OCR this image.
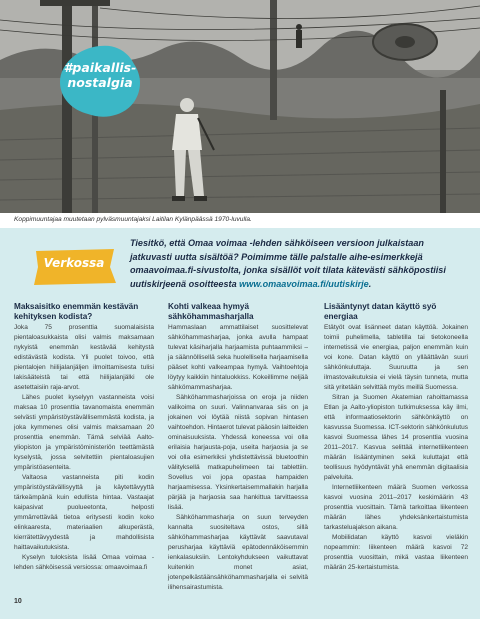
#paikallis-
nostalgia
Koppimuuntajaa muutetaan pylväsmuuntajaksi Laitilan Kylänpäässä 1970-luvulla.
Verkossa
Tiesitkö, että Omaa voimaa -lehden sähköiseen versioon julkaistaan jatkuvasti uutta sisältöä? Poimimme tälle palstalle aihe-esimerkkejä omaavoimaa.fi-sivustolta, jonka sisällöt voit tilata kätevästi sähköpostiisi uutiskirjeenä osoitteesta www.omaavoimaa.fi/uutiskirje.
Maksaisitko enemmän kestävän kehityksen kodista?

Joka 75 prosenttia suomalaisista pientaloasukkaista olisi valmis maksamaan nykyistä enemmän kestävää kehitystä edistävästä kodista. Yli puolet toivoo, että pientalojen hiilijalanjäljen ilmoittamisesta tulisi lakisääteistä tai että hiilijalanjälki ole asetettaisiin raja-arvot.

Lähes puolet kyselyyn vastanneista voisi maksaa 10 prosenttia tavanomaista enemmän selvästi ympäristöystävällisemmästä kodista, ja joka kymmenes olisi valmis maksamaan 20 prosenttia enemmän. Tämä selviää Aalto-yliopiston ja ympäristöministeriön teettämästä kyselystä, jossa selvitettiin pientaloasujien ympäristöasenteita.

Valtaosa vastanneista piti kodin ympäristöystävällisyyttä ja käytettävyyttä tärkeämpänä kuin edullista hintaa. Vastaajat kaipasivat puolueetonta, helposti ymmärrettävää tietoa eritysesti kodin koko elinkaaresta, materiaalien alkuperästä, kierrätettävyydestä ja mahdollisista haittavaikutuksista.

Kyselyn tuloksista lisää Omaa voimaa -lehden sähköisessä versiossa: omaavoimaa.fi

Kohti valkeaa hymyä sähköhammasharjalla

Hammaslaan ammattilaiset suosittelevat sähköhammasharjaa, jonka avulla hampaat tulevat käsiharjalla harjaamista puhtaammiksi – ja säännöllisellä seka huolellisella harjaamisella pääset kohti valkeampaa hymyä. Vaihtoehtoja löytyy kaikkiin hintaluokkiss. Kokeillimme neljää sähkömammasharjaa.

Sähköhammasharjoissa on eroja ja niiden valikoima on suuri. Valinnanvaraa siis on ja jokainen voi löytää niistä sopivan hintasen vaihtoehdon. Hintaerot tulevat pääosin laitteiden ominaisuuksista. Yhdessä koneessa voi olla erilaisia harjausta-poja, useita harjaosia ja se voi olla esimerkiksi yhdistettävissä bluetoothin välityksellä matkapuhelimeen tai tablettiin. Sovellus voi jopa opastaa hampaiden harjaamisessa. Yksinkertaisemmallakin harjalla pärjää ja harjaosia saa hankittua tarvittaessa lisää.

Sähköhammasharja on suun terveyden kannalta suositeltava ostos, sillä sähköhammasharjaa käyttävät saavutaval perusharjaa käyttäviä epätodennäköisemmin ienkalasuksiin. Lentokyhdukseen vaikuttavat kuitenkin monet asiat, jotenpelkästäänsähköhammasharjalla ei selvitä ilihensairastumista.

Lisääntynyt datan käyttö syö energiaa

Etätyöt ovat lisänneet datan käyttöä. Jokainen toimii puhelimella, tabletilla tai tietokoneella internetissä vie energiaa, paljon enemmän kuin voi kone. Datan käyttö on ylläättävän suuri sähkönkuluttaja. Suuruutta ja sen ilmastovaikutuksia ei vielä täysin tunneta, mutta sitä yritetään selvittää myös meillä Suomessa.

Sitran ja Suomen Akatemian rahoittamassa Etlan ja Aalto-yliopiston tutkimuksessa käy ilmi, että informaatiosektorin sähkönkäyttö on kasvussa Suomessa. ICT-sektorin sähkönkulutus kasvoi Suomessa lähes 14 prosenttia vuosina 2011–2017. Kasvua selittää internetliikenteen määrän lisääntyminen sekä kuluttajat että teollisuus hyödyntävät yhä enemmän digitaalisia palveluita.

Internetliikenteen määrä Suomen verkossa kasvoi vuosina 2011–2017 keskimäärin 43 prosenttia vuosittain. Tämä tarkoittaa liikenteen määrän lähes yhdeksänkertaistumista tarkasteluajakson aikana.

Mobiilidatan käyttö kasvoi vieläkin nopeammin: liikenteen määrä kasvoi 72 prosenttia vuosittain, mikä vastaa liikenteen määrän 25-kertaistumista.

10
